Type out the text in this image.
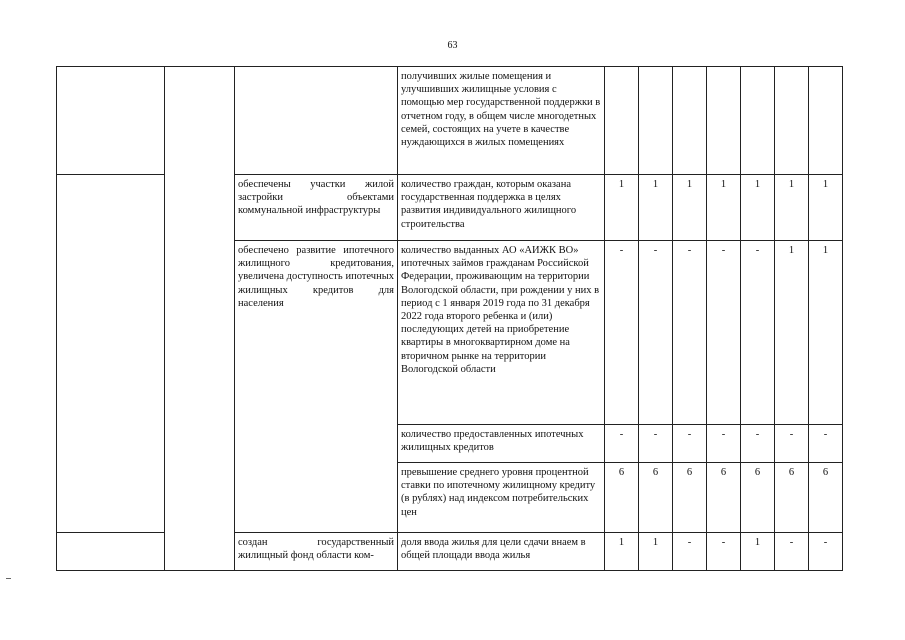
63
			получивших жилые помещения и улучшивших жилищные условия с помощью мер государственной поддержки в отчетном году, в общем числе многодетных семей, состоящих на учете в качестве нуждающихся в жилых помещениях							
		обеспечены участки жилой застройки объектами коммунальной инфраструктуры	количество граждан, которым оказана государственная поддержка в целях развития индивидуального жилищного строительства	1	1	1	1	1	1	1
		обеспечено развитие ипотечного жилищного кредитования, увеличена доступность ипотечных жилищных кредитов для населения	количество выданных АО «АИЖК ВО» ипотечных займов гражданам Российской Федерации, проживающим на территории Вологодской области, при рождении у них в период с 1 января 2019 года по 31 декабря 2022 года второго ребенка и (или) последующих детей на приобретение квартиры в многоквартирном доме на вторичном рынке на территории Вологодской области	-	-	-	-	-	1	1
			количество предоставленных ипотечных жилищных кредитов	-	-	-	-	-	-	-
			превышение среднего уровня процентной ставки по ипотечному жилищному кредиту (в рублях) над индексом потребительских цен	6	6	6	6	6	6	6
		создан государственный жилищный фонд области ком-	доля ввода жилья для цели сдачи внаем в общей площади ввода жилья	1	1	-	-	1	-	-
